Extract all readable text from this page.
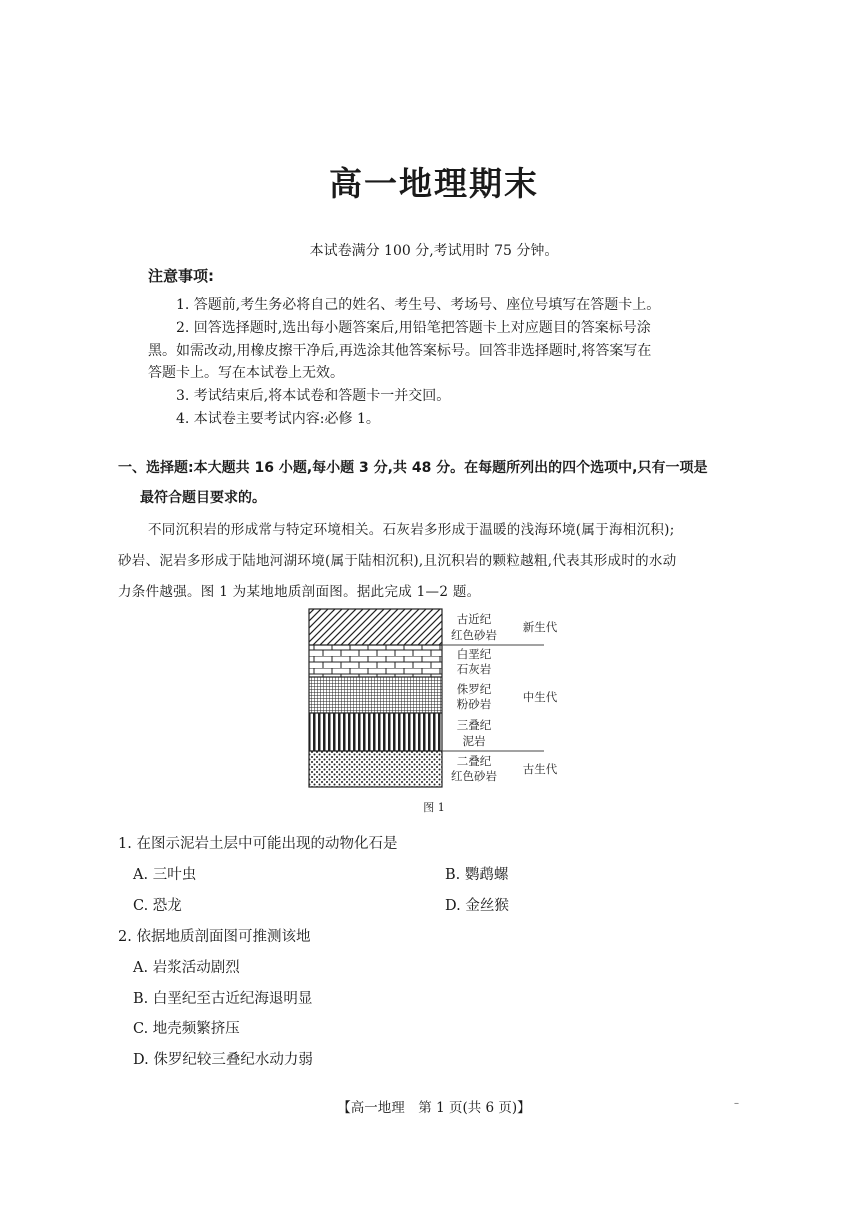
高一地理期末
本试卷满分 100 分,考试用时 75 分钟。
注意事项:
1. 答题前,考生务必将自己的姓名、考生号、考场号、座位号填写在答题卡上。
2. 回答选择题时,选出每小题答案后,用铅笔把答题卡上对应题目的答案标号涂
黑。如需改动,用橡皮擦干净后,再选涂其他答案标号。回答非选择题时,将答案写在
答题卡上。写在本试卷上无效。
3. 考试结束后,将本试卷和答题卡一并交回。
4. 本试卷主要考试内容:必修 1。
一、选择题:本大题共 16 小题,每小题 3 分,共 48 分。在每题所列出的四个选项中,只有一项是
最符合题目要求的。
不同沉积岩的形成常与特定环境相关。石灰岩多形成于温暖的浅海环境(属于海相沉积);
砂岩、泥岩多形成于陆地河湖环境(属于陆相沉积),且沉积岩的颗粒越粗,代表其形成时的水动
力条件越强。图 1 为某地地质剖面图。据此完成 1—2 题。
古近纪
红色砂岩
白垩纪
石灰岩
侏罗纪
粉砂岩
三叠纪
泥岩
二叠纪
红色砂岩
新生代
中生代
古生代
图 1
1. 在图示泥岩土层中可能出现的动物化石是
A. 三叶虫	B. 鹦鹉螺
C. 恐龙	D. 金丝猴
2. 依据地质剖面图可推测该地
A. 岩浆活动剧烈
B. 白垩纪至古近纪海退明显
C. 地壳频繁挤压
D. 侏罗纪较三叠纪水动力弱
【高一地理　第 1 页(共 6 页)】	–
